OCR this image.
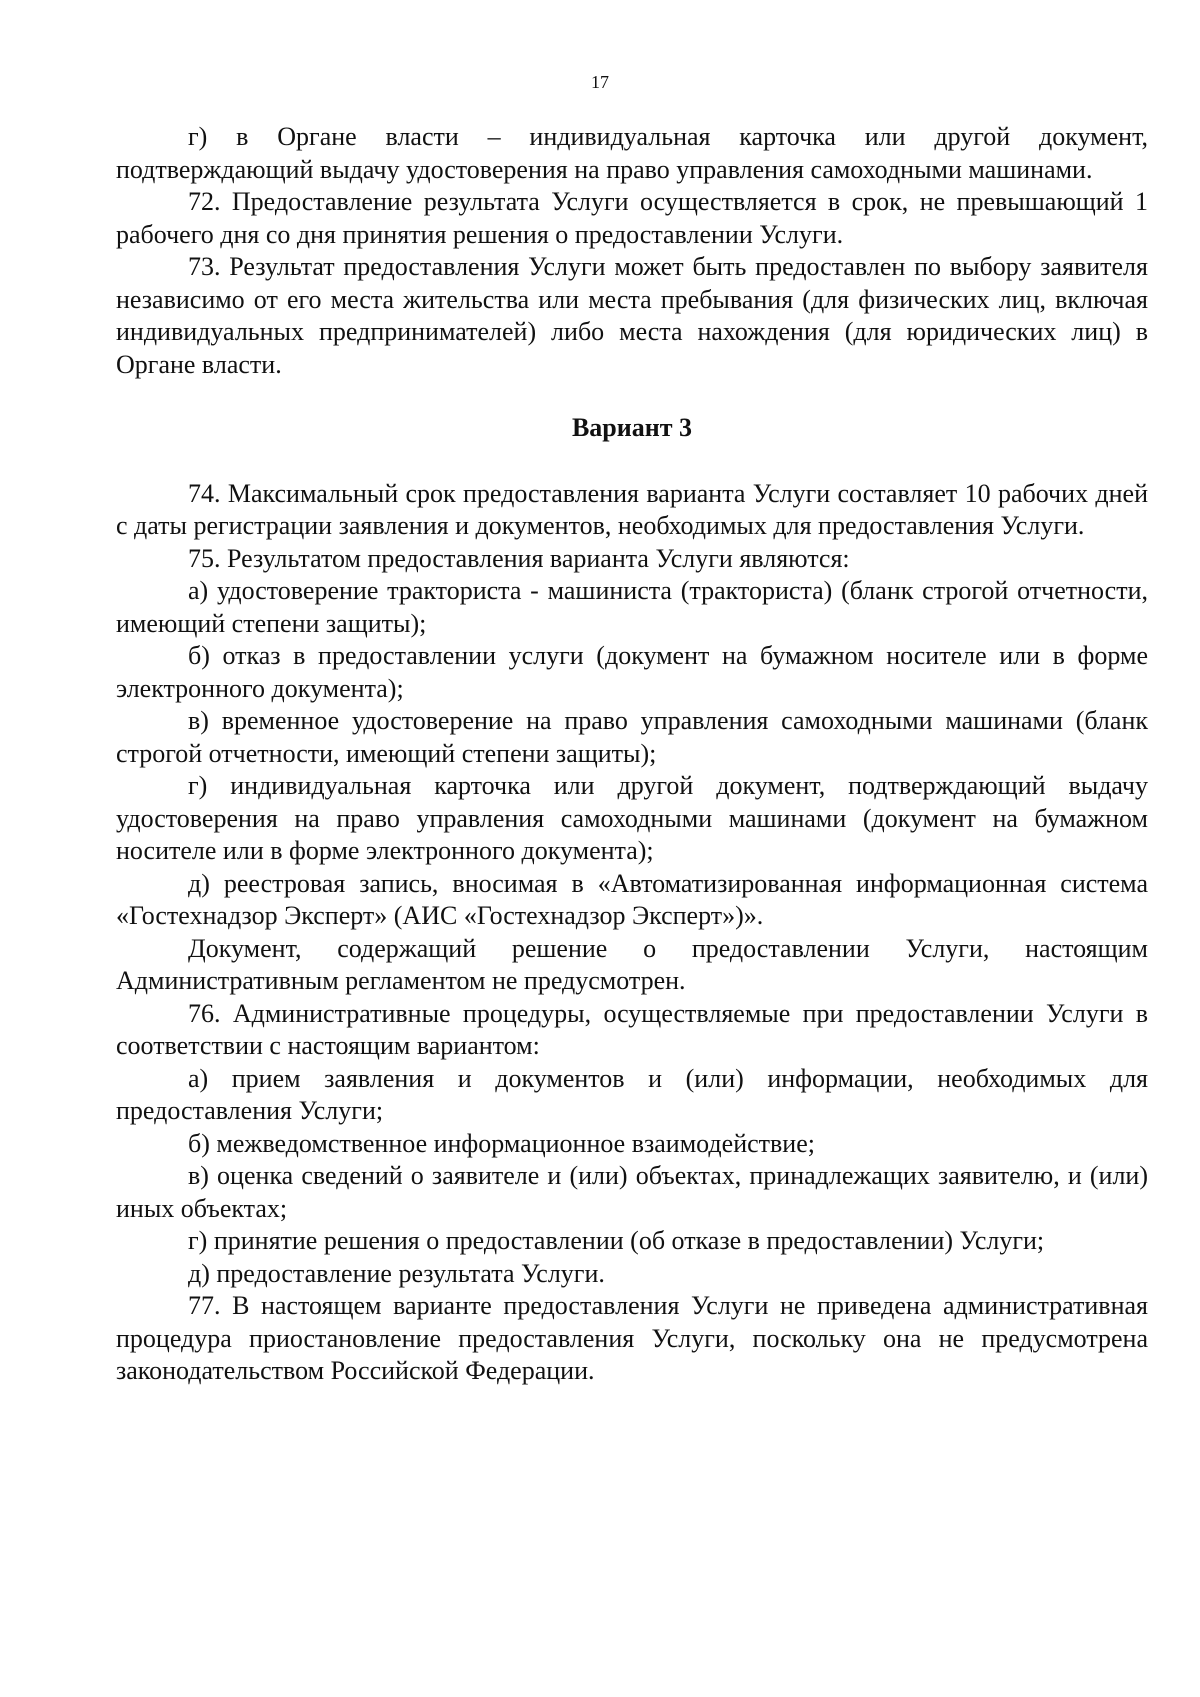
17

г) в Органе власти – индивидуальная карточка или другой документ, подтверждающий выдачу удостоверения на право управления самоходными машинами.

72. Предоставление результата Услуги осуществляется в срок, не превышающий 1 рабочего дня со дня принятия решения о предоставлении Услуги.

73. Результат предоставления Услуги может быть предоставлен по выбору заявителя независимо от его места жительства или места пребывания (для физических лиц, включая индивидуальных предпринимателей) либо места нахождения (для юридических лиц) в Органе власти.

Вариант 3

74. Максимальный срок предоставления варианта Услуги составляет 10 рабочих дней с даты регистрации заявления и документов, необходимых для предоставления Услуги.

75. Результатом предоставления варианта Услуги являются:

а) удостоверение тракториста - машиниста (тракториста) (бланк строгой отчетности, имеющий степени защиты);

б) отказ в предоставлении услуги (документ на бумажном носителе или в форме электронного документа);

в) временное удостоверение на право управления самоходными машинами (бланк строгой отчетности, имеющий степени защиты);

г) индивидуальная карточка или другой документ, подтверждающий выдачу удостоверения на право управления самоходными машинами (документ на бумажном носителе или в форме электронного документа);

д) реестровая запись, вносимая в «Автоматизированная информационная система «Гостехнадзор Эксперт» (АИС «Гостехнадзор Эксперт»)».

Документ, содержащий решение о предоставлении Услуги, настоящим Административным регламентом не предусмотрен.

76. Административные процедуры, осуществляемые при предоставлении Услуги в соответствии с настоящим вариантом:

а) прием заявления и документов и (или) информации, необходимых для предоставления Услуги;

б) межведомственное информационное взаимодействие;

в) оценка сведений о заявителе и (или) объектах, принадлежащих заявителю, и (или) иных объектах;

г) принятие решения о предоставлении (об отказе в предоставлении) Услуги;

д) предоставление результата Услуги.

77. В настоящем варианте предоставления Услуги не приведена административная процедура приостановление предоставления Услуги, поскольку она не предусмотрена законодательством Российской Федерации.
